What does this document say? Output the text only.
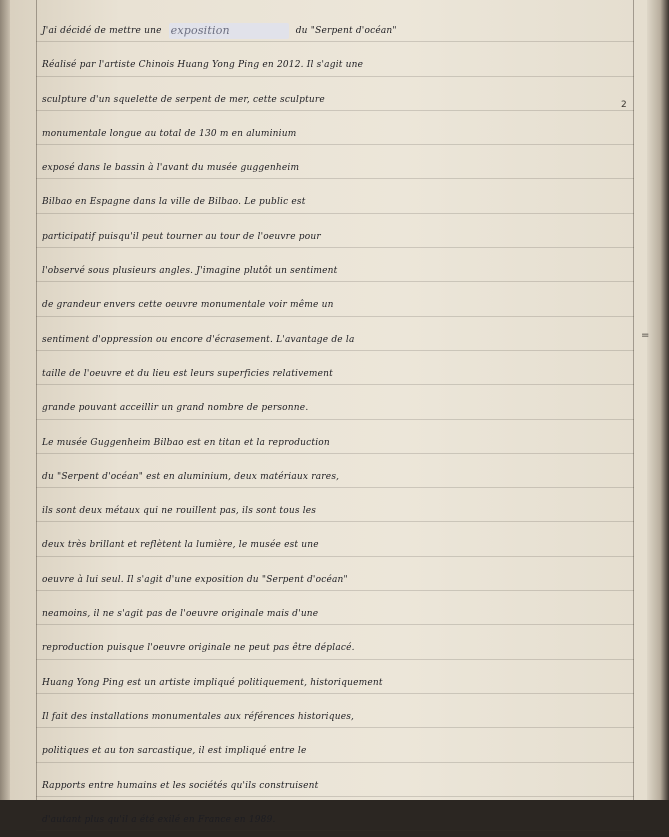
2
=
J'ai décidé de mettre une exposition	du "Serpent d'océan"
Réalisé par l'artiste Chinois Huang Yong Ping en 2012. Il s'agit une
sculpture d'un squelette de serpent de mer, cette sculpture
monumentale longue au total de 130 m en aluminium
exposé dans le bassin à l'avant du musée guggenheim
Bilbao en Espagne dans la ville de Bilbao. Le public est
participatif puisqu'il peut tourner au tour de l'oeuvre pour
l'observé sous plusieurs angles. J'imagine plutôt un sentiment
de grandeur envers cette oeuvre monumentale voir même un
sentiment d'oppression ou encore d'écrasement. L'avantage de la
taille de l'oeuvre et du lieu est leurs superficies relativement
grande pouvant acceillir un grand nombre de personne.
Le musée Guggenheim Bilbao est en titan et la reproduction
du "Serpent d'océan" est en aluminium, deux matériaux rares,
ils sont deux métaux qui ne rouillent pas, ils sont tous les
deux très brillant et reflètent la lumière, le musée est une
oeuvre à lui seul. Il s'agit d'une exposition du "Serpent d'océan"
neamoins, il ne s'agit pas de l'oeuvre originale mais d'une
reproduction puisque l'oeuvre originale ne peut pas être déplacé.
Huang Yong Ping est un artiste impliqué politiquement, historiquement
Il fait des installations monumentales aux références historiques,
politiques et au ton sarcastique, il est impliqué entre le
Rapports entre humains et les sociétés qu'ils construisent
d'autant plus qu'il a été exilé en France en 1989.
